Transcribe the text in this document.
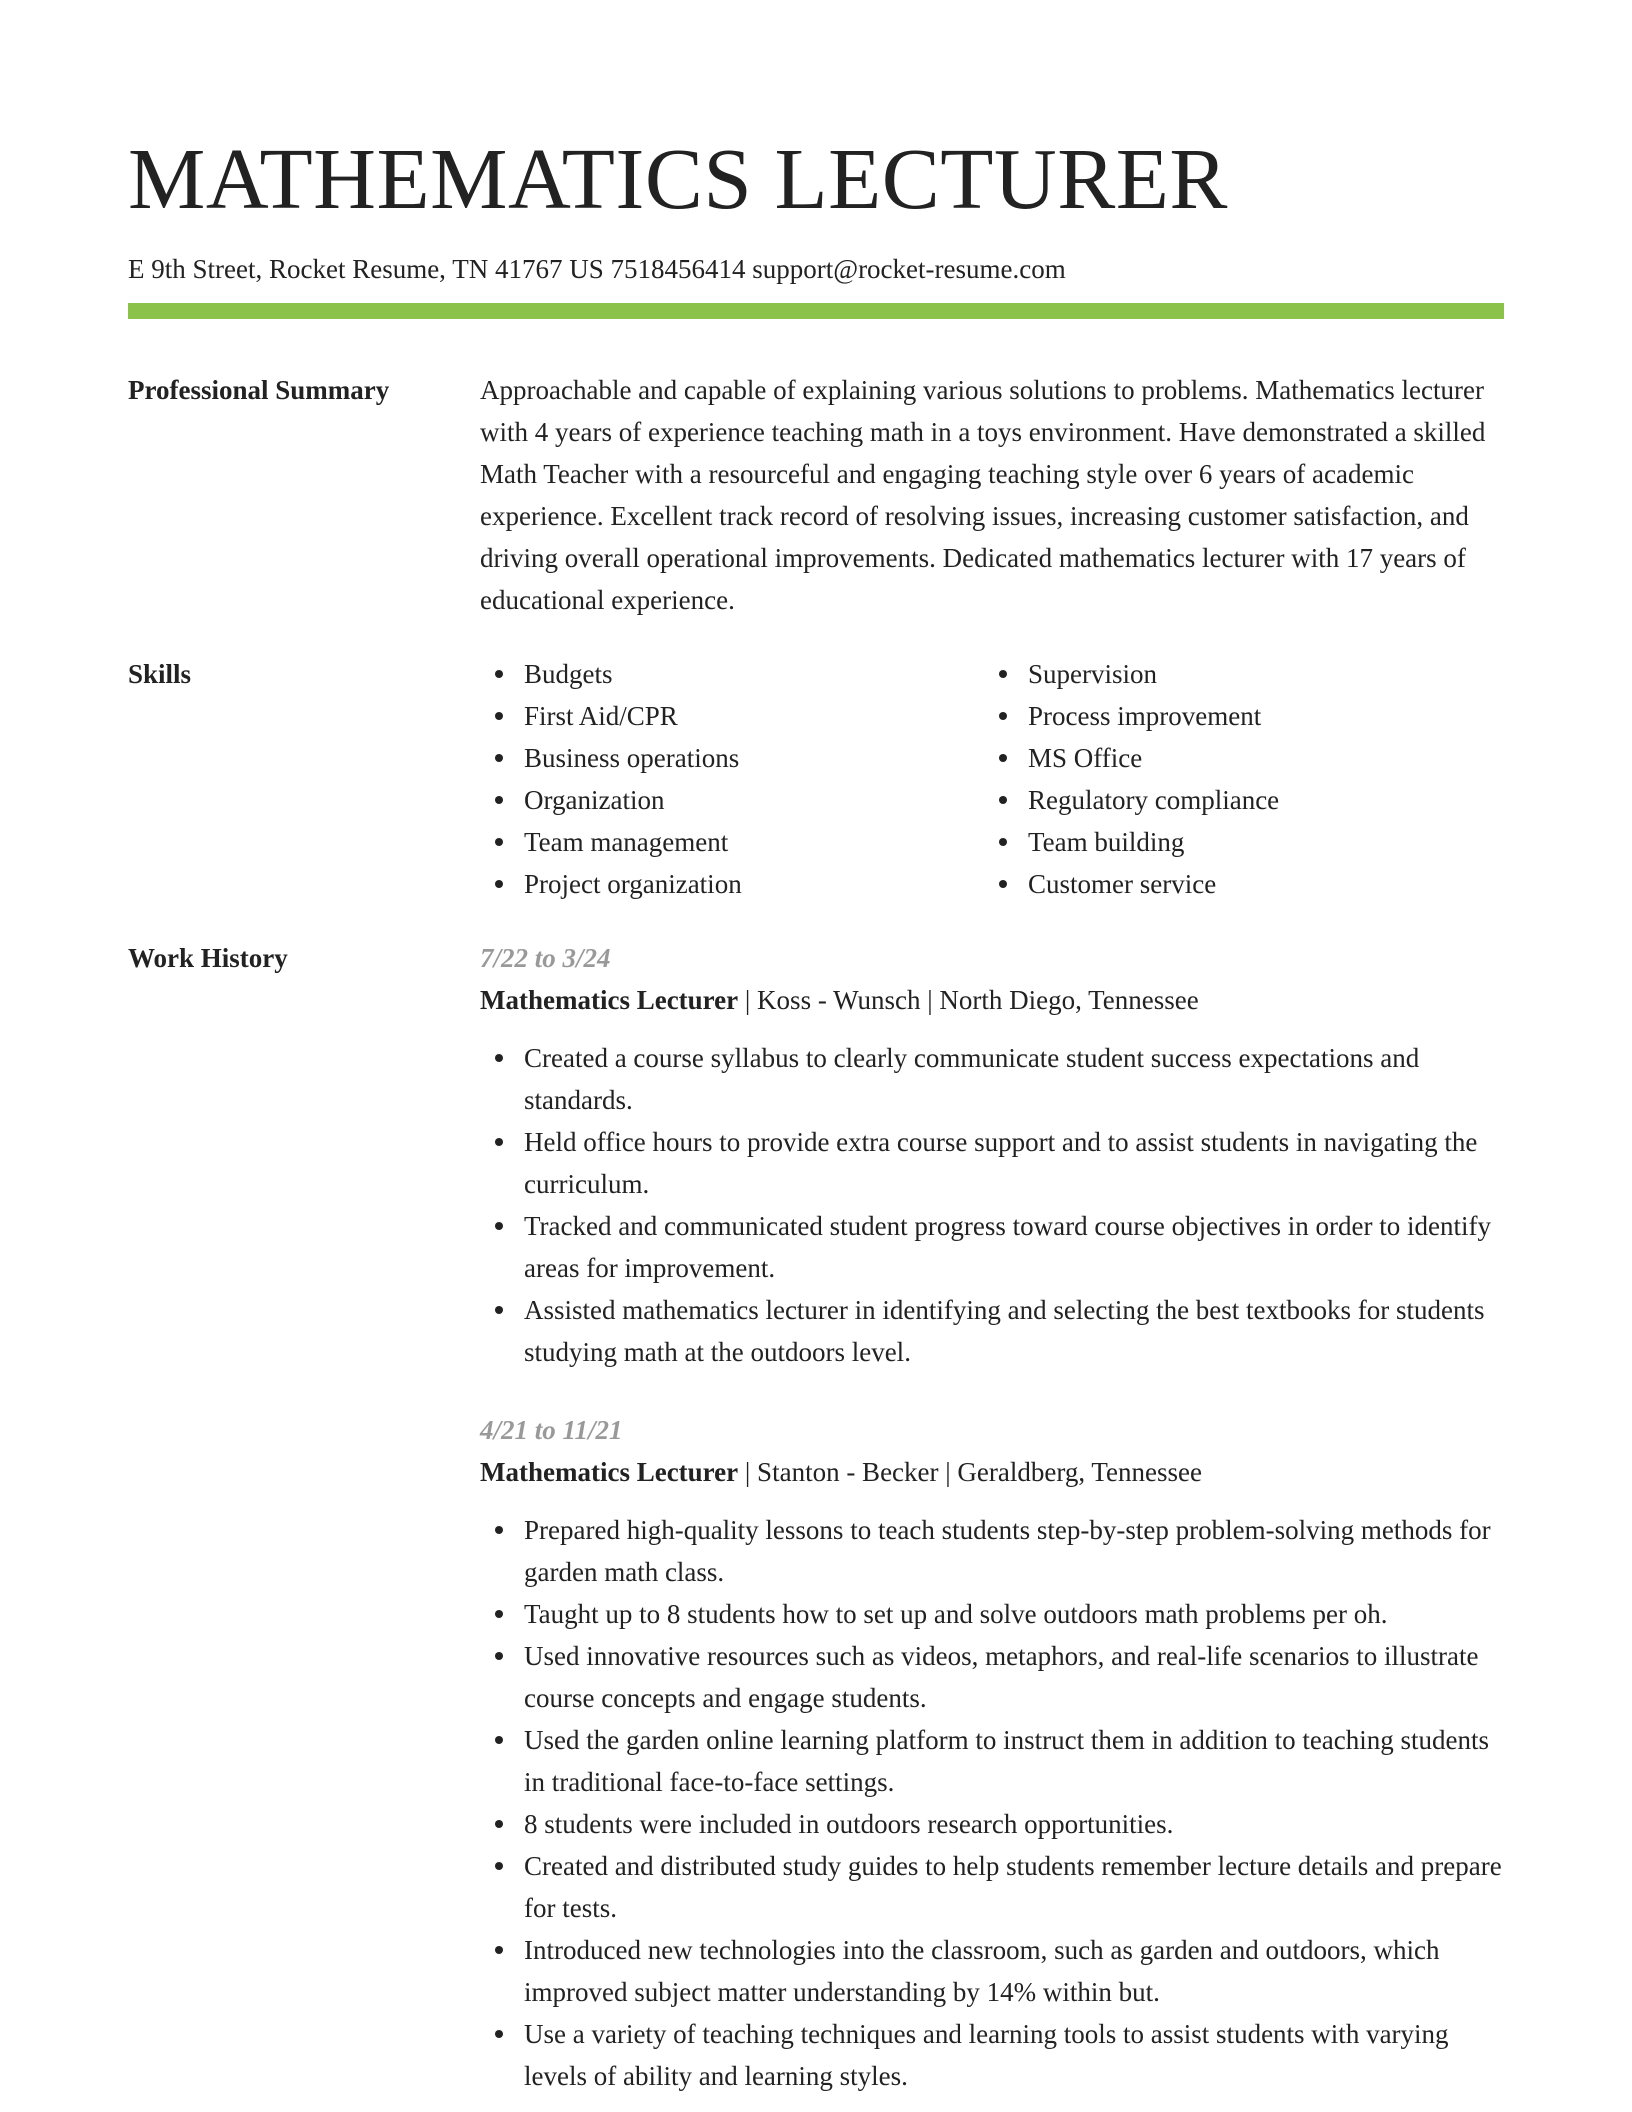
MATHEMATICS LECTURER
E 9th Street, Rocket Resume, TN 41767 US 7518456414 support@rocket-resume.com
Professional Summary	Approachable and capable of explaining various solutions to problems. Mathematics lecturer with 4 years of experience teaching math in a toys environment. Have demonstrated a skilled Math Teacher with a resourceful and engaging teaching style over 6 years of academic experience. Excellent track record of resolving issues, increasing customer satisfaction, and driving overall operational improvements. Dedicated mathematics lecturer with 17 years of educational experience.
Skills	Budgets
First Aid/CPR
Business operations
Organization
Team management
Project organization
Supervision
Process improvement
MS Office
Regulatory compliance
Team building
Customer service
Work History	7/22 to 3/24
Mathematics Lecturer | Koss - Wunsch | North Diego, Tennessee
Created a course syllabus to clearly communicate student success expectations and standards.
Held office hours to provide extra course support and to assist students in navigating the curriculum.
Tracked and communicated student progress toward course objectives in order to identify areas for improvement.
Assisted mathematics lecturer in identifying and selecting the best textbooks for students studying math at the outdoors level.
4/21 to 11/21
Mathematics Lecturer | Stanton - Becker | Geraldberg, Tennessee
Prepared high-quality lessons to teach students step-by-step problem-solving methods for garden math class.
Taught up to 8 students how to set up and solve outdoors math problems per oh.
Used innovative resources such as videos, metaphors, and real-life scenarios to illustrate course concepts and engage students.
Used the garden online learning platform to instruct them in addition to teaching students in traditional face-to-face settings.
8 students were included in outdoors research opportunities.
Created and distributed study guides to help students remember lecture details and prepare for tests.
Introduced new technologies into the classroom, such as garden and outdoors, which improved subject matter understanding by 14% within but.
Use a variety of teaching techniques and learning tools to assist students with varying levels of ability and learning styles.
